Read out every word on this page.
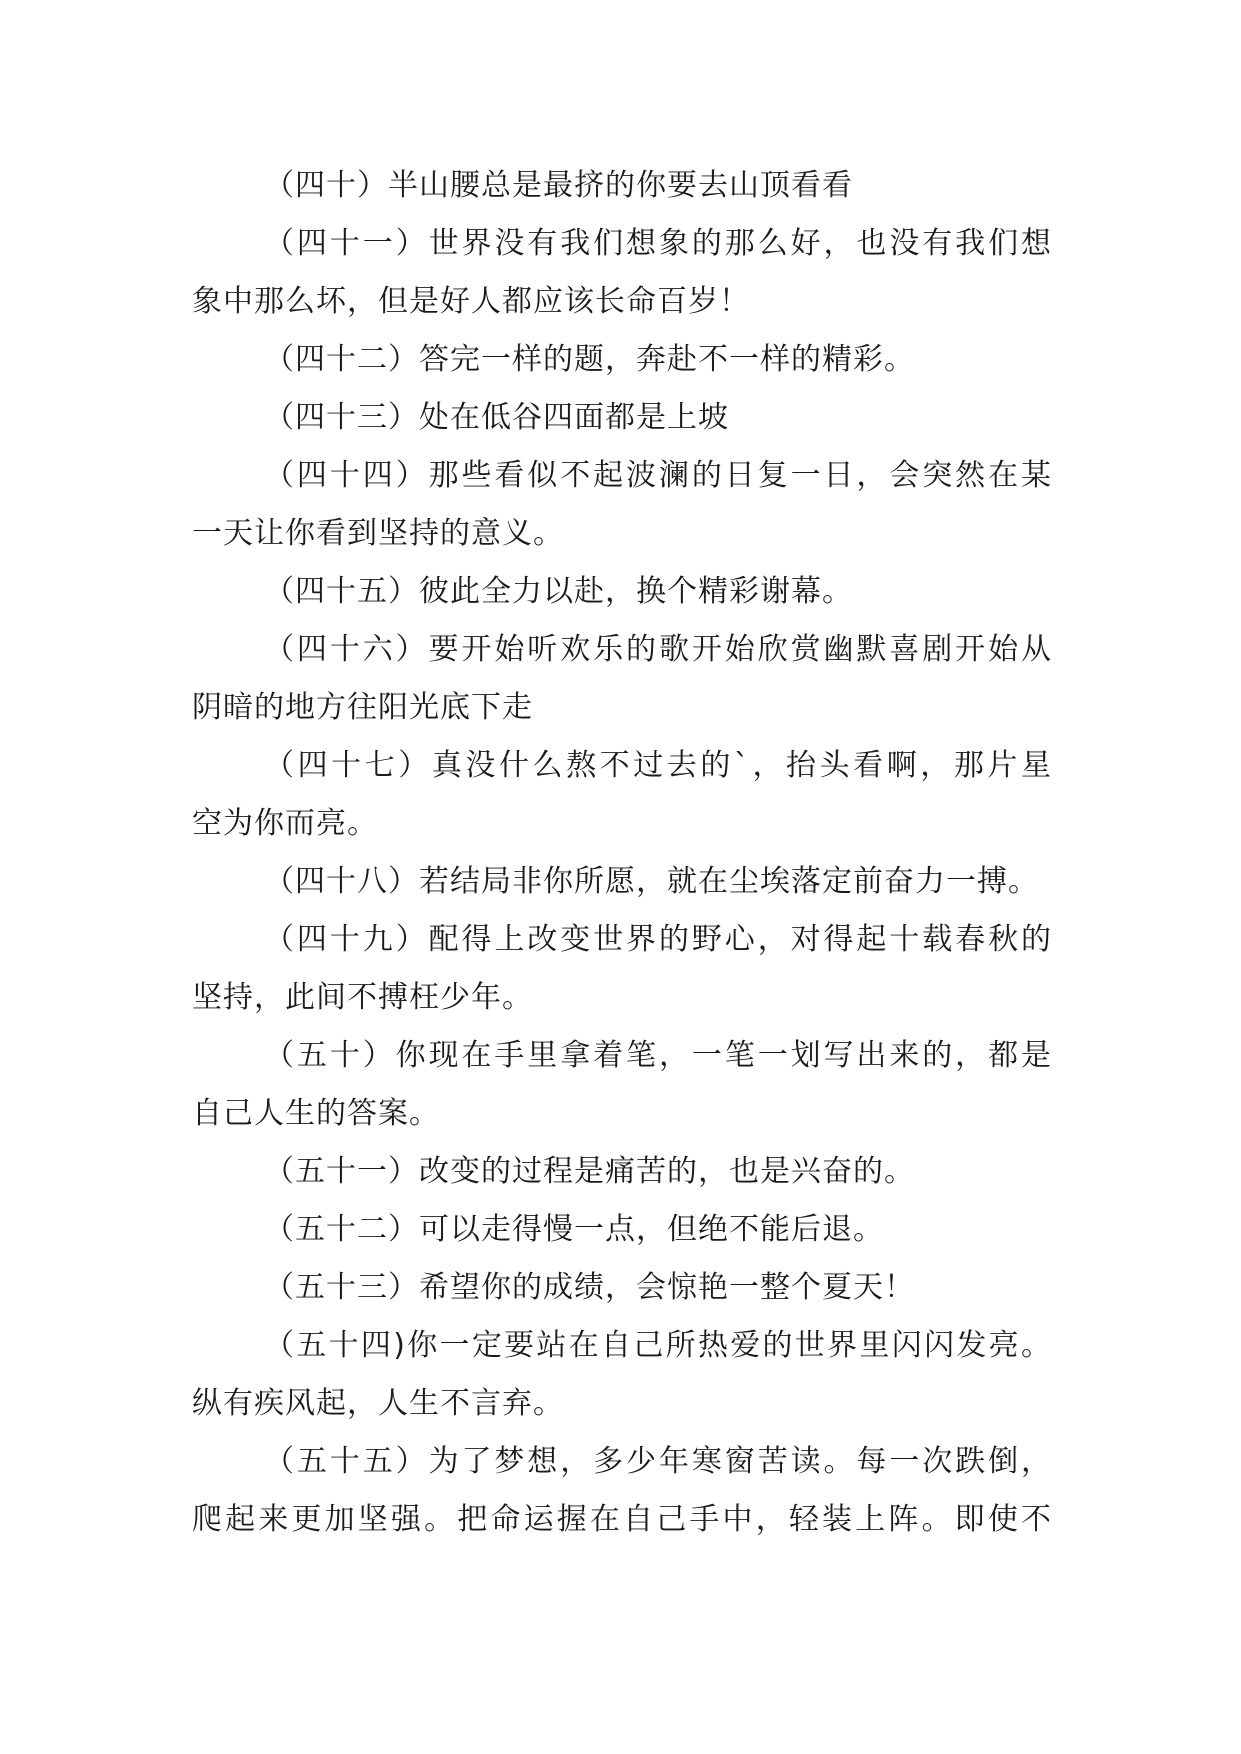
（四十）半山腰总是最挤的你要去山顶看看
（四十一）世界没有我们想象的那么好，也没有我们想
象中那么坏，但是好人都应该长命百岁！
（四十二）答完一样的题，奔赴不一样的精彩。
（四十三）处在低谷四面都是上坡
（四十四）那些看似不起波澜的日复一日，会突然在某
一天让你看到坚持的意义。
（四十五）彼此全力以赴，换个精彩谢幕。
（四十六）要开始听欢乐的歌开始欣赏幽默喜剧开始从
阴暗的地方往阳光底下走
（四十七）真没什么熬不过去的`，抬头看啊，那片星
空为你而亮。
（四十八）若结局非你所愿，就在尘埃落定前奋力一搏。
（四十九）配得上改变世界的野心，对得起十载春秋的
坚持，此间不搏枉少年。
（五十）你现在手里拿着笔，一笔一划写出来的，都是
自己人生的答案。
（五十一）改变的过程是痛苦的，也是兴奋的。
（五十二）可以走得慢一点，但绝不能后退。
（五十三）希望你的成绩，会惊艳一整个夏天！
（五十四)你一定要站在自己所热爱的世界里闪闪发亮。
纵有疾风起，人生不言弃。
（五十五）为了梦想，多少年寒窗苦读。每一次跌倒，
爬起来更加坚强。把命运握在自己手中，轻装上阵。即使不
